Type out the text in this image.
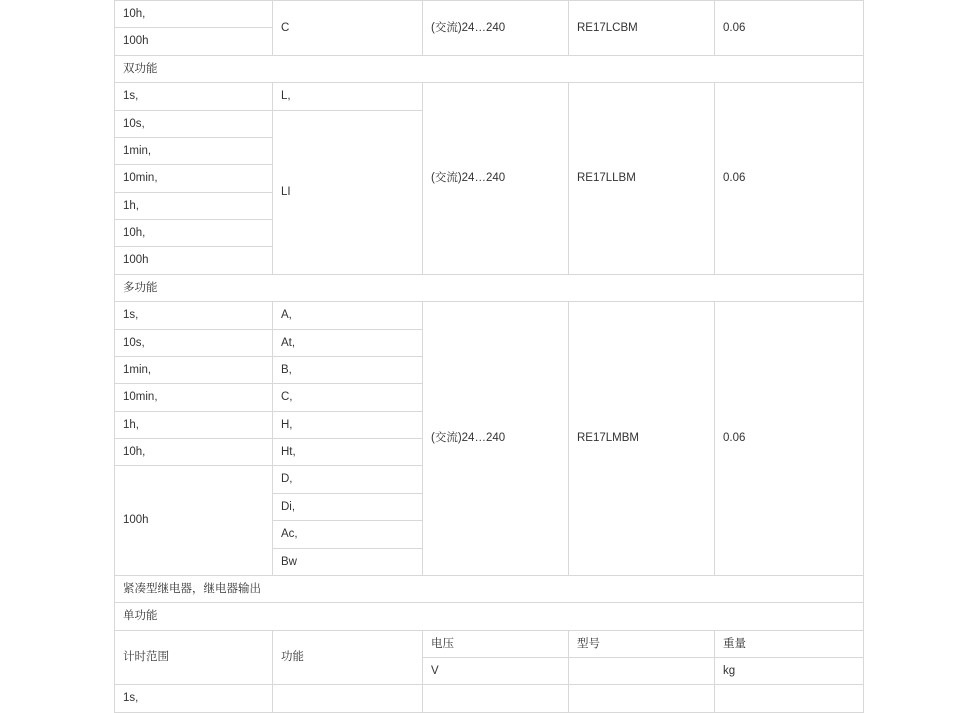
10h,	C	(交流)24…240	RE17LCBM	0.06
100h				
双功能				
1s,	L,	(交流)24…240	RE17LLBM	0.06
10s,	LI			
1min,				
10min,				
1h,				
10h,				
100h				
多功能				
1s,	A,	(交流)24…240	RE17LMBM	0.06
10s,	At,			
1min,	B,			
10min,	C,			
1h,	H,			
10h,	Ht,			
100h	D,			
	Di,			
	Ac,			
	Bw			
紧凑型继电器，继电器输出				
单功能				
计时范围	功能	电压	型号	重量
		V		kg
1s,				
